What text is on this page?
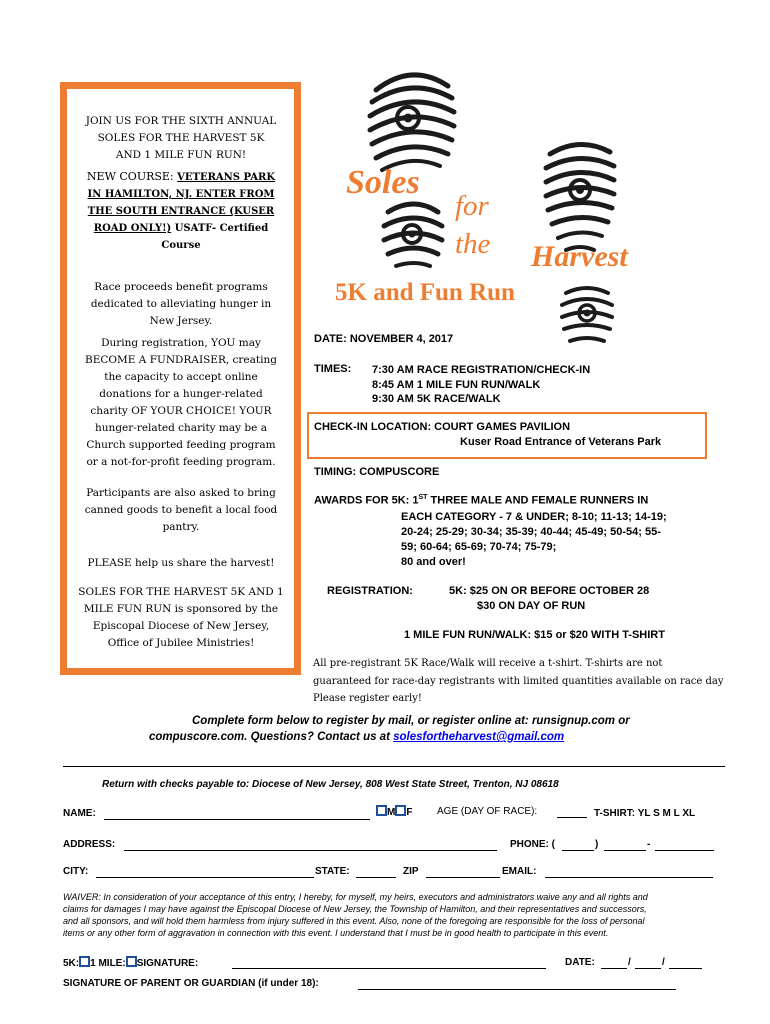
JOIN US FOR THE SIXTH ANNUAL
SOLES FOR THE HARVEST 5K
AND 1 MILE FUN RUN!
NEW COURSE: VETERANS PARK
IN HAMILTON, NJ. ENTER FROM
THE SOUTH ENTRANCE (KUSER
ROAD ONLY!) USATF- Certified
Course
Race proceeds benefit programs
dedicated to alleviating hunger in
New Jersey.
During registration, YOU may
BECOME A FUNDRAISER, creating
the capacity to accept online
donations for a hunger-related
charity OF YOUR CHOICE! YOUR
hunger-related charity may be a
Church supported feeding program
or a not-for-profit feeding program.
Participants are also asked to bring
canned goods to benefit a local food
pantry.
PLEASE help us share the harvest!
SOLES FOR THE HARVEST 5K AND 1
MILE FUN RUN is sponsored by the
Episcopal Diocese of New Jersey,
Office of Jubilee Ministries!
Soles
for
the Harvest
5K and Fun Run
DATE: NOVEMBER 4, 2017
TIMES: 7:30 AM RACE REGISTRATION/CHECK-IN
8:45 AM 1 MILE FUN RUN/WALK
9:30 AM 5K RACE/WALK
CHECK-IN LOCATION: COURT GAMES PAVILION
Kuser Road Entrance of Veterans Park
TIMING: COMPUSCORE
AWARDS FOR 5K: 1ST THREE MALE AND FEMALE RUNNERS IN
EACH CATEGORY - 7 & UNDER; 8-10; 11-13; 14-19;
20-24; 25-29; 30-34; 35-39; 40-44; 45-49; 50-54; 55-
59; 60-64; 65-69; 70-74; 75-79;
80 and over!
REGISTRATION:	5K: $25 ON OR BEFORE OCTOBER 28
$30 ON DAY OF RUN
1 MILE FUN RUN/WALK: $15 or $20 WITH T-SHIRT
All pre-registrant 5K Race/Walk will receive a t-shirt. T-shirts are not
guaranteed for race-day registrants with limited quantities available on race day
Please register early!
Complete form below to register by mail, or register online at: runsignup.com or
compuscore.com. Questions? Contact us at solesfortheharvest@gmail.com
Return with checks payable to: Diocese of New Jersey, 808 West State Street, Trenton, NJ 08618
NAME:	M F AGE (DAY OF RACE):	T-SHIRT: YL S M L XL
ADDRESS:	PHONE: (	)	-
CITY:	STATE:	ZIP	EMAIL:
WAIVER: In consideration of your acceptance of this entry, I hereby, for myself, my heirs, executors and administrators waive any and all rights and
claims for damages I may have against the Episcopal Diocese of New Jersey, the Township of Hamilton, and their representatives and successors,
and all sponsors, and will hold them harmless from injury suffered in this event. Also, none of the foregoing are responsible for the loss of personal
items or any other form of aggravation in connection with this event. I understand that I must be in good health to participate in this event.
5K: 1 MILE: SIGNATURE:	DATE:	/	/
SIGNATURE OF PARENT OR GUARDIAN (if under 18):
